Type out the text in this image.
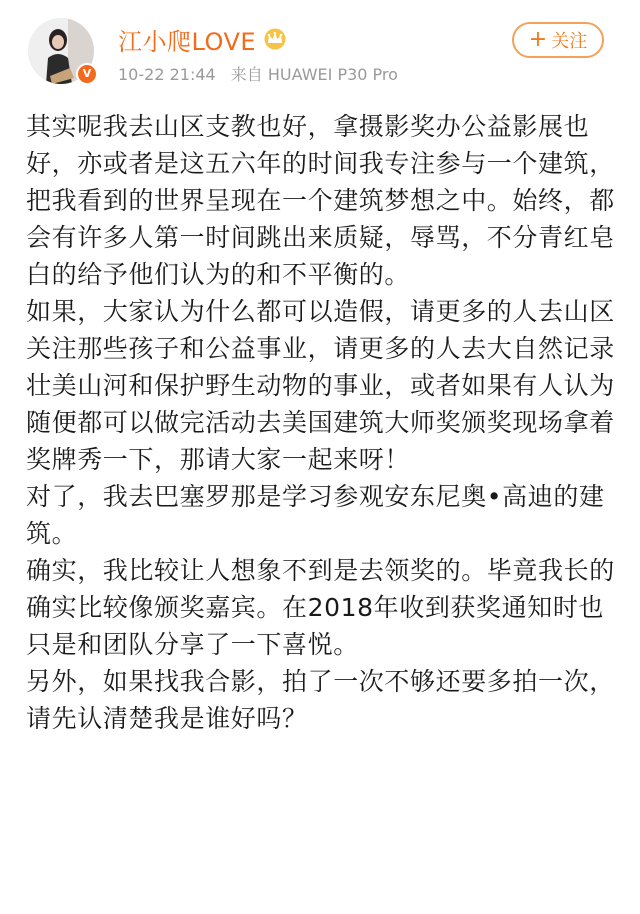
V
江小爬LOVE
10-22 21:44 来自 HUAWEI P30 Pro
+ 关注

其实呢我去山区支教也好，拿摄影奖办公益影展也好，亦或者是这五六年的时间我专注参与一个建筑，把我看到的世界呈现在一个建筑梦想之中。始终，都会有许多人第一时间跳出来质疑，辱骂，不分青红皂白的给予他们认为的和不平衡的。

如果，大家认为什么都可以造假，请更多的人去山区关注那些孩子和公益事业，请更多的人去大自然记录壮美山河和保护野生动物的事业，或者如果有人认为随便都可以做完活动去美国建筑大师奖颁奖现场拿着奖牌秀一下，那请大家一起来呀！

对了，我去巴塞罗那是学习参观安东尼奥•高迪的建筑。

确实，我比较让人想象不到是去领奖的。毕竟我长的确实比较像颁奖嘉宾。在2018年收到获奖通知时也只是和团队分享了一下喜悦。

另外，如果找我合影，拍了一次不够还要多拍一次，请先认清楚我是谁好吗？
